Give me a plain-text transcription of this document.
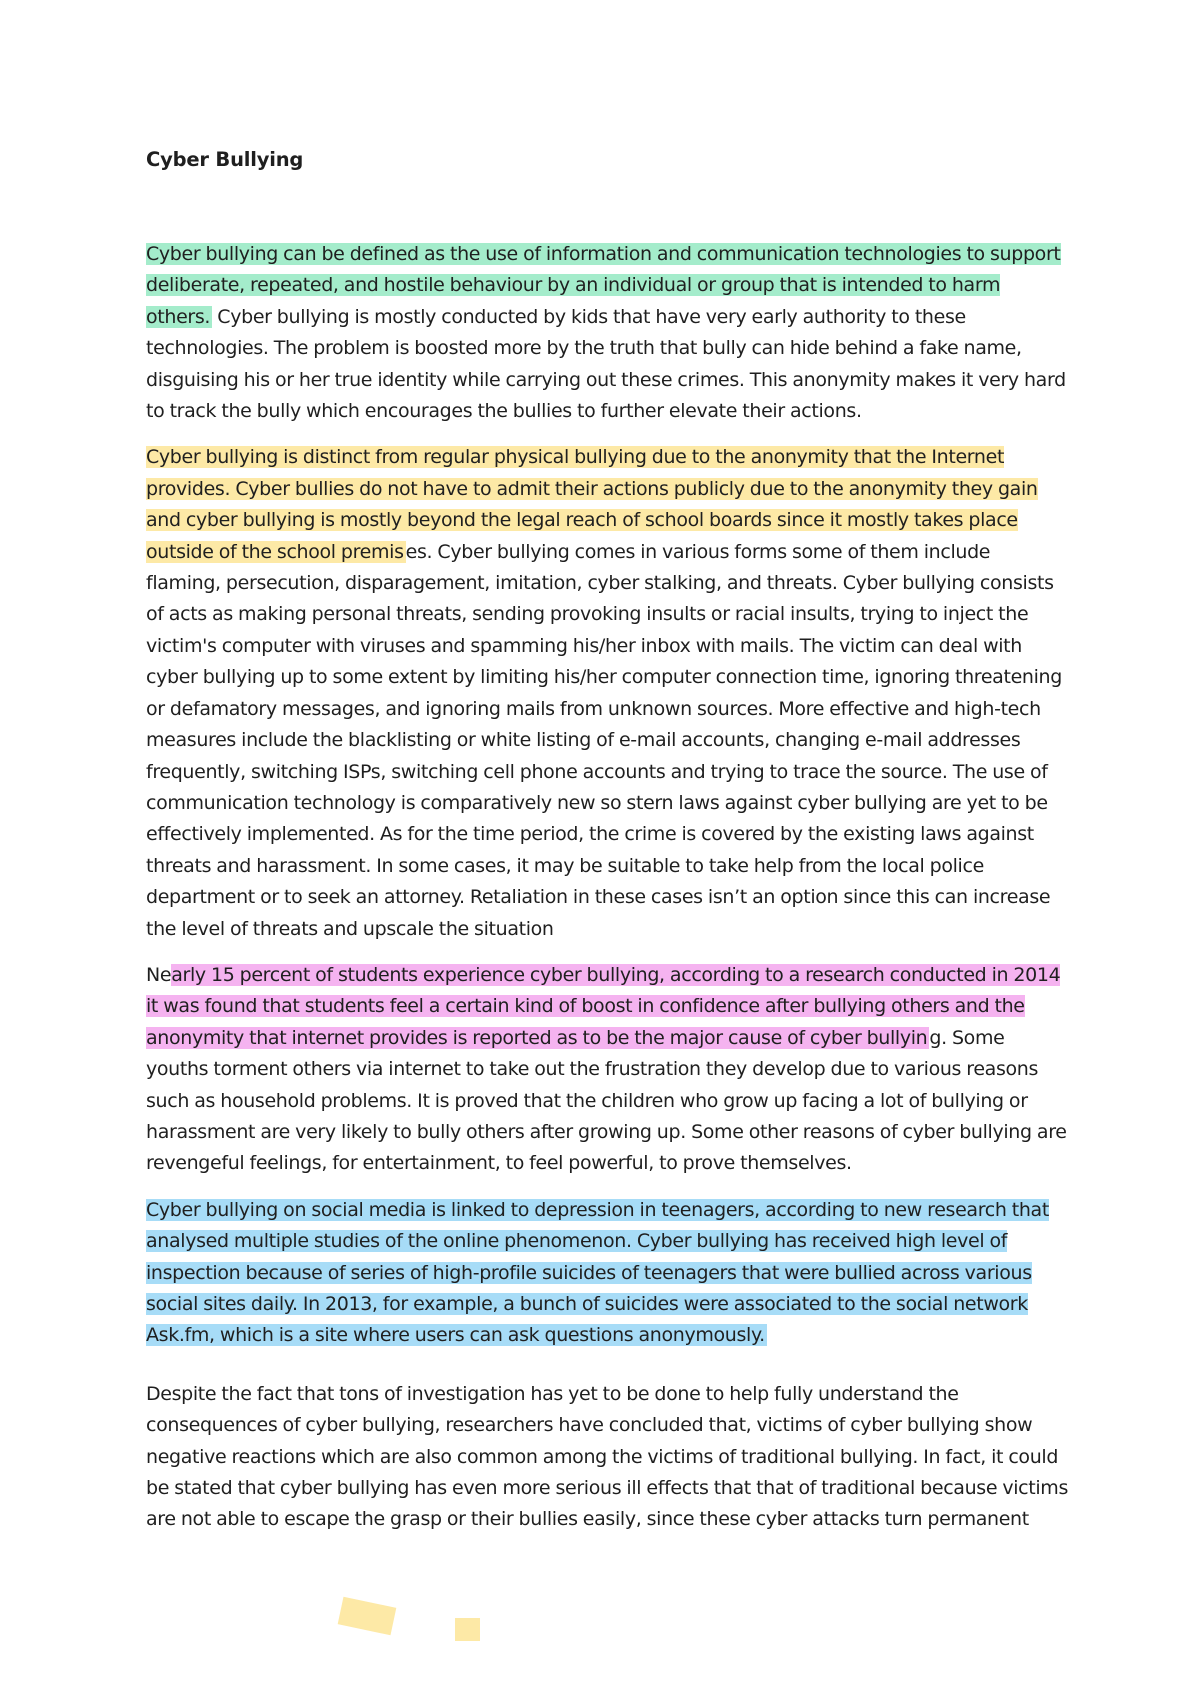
Cyber Bullying

Cyber bullying can be defined as the use of information and communication technologies to support deliberate, repeated, and hostile behaviour by an individual or group that is intended to harm others. Cyber bullying is mostly conducted by kids that have very early authority to these technologies. The problem is boosted more by the truth that bully can hide behind a fake name, disguising his or her true identity while carrying out these crimes. This anonymity makes it very hard to track the bully which encourages the bullies to further elevate their actions.

Cyber bullying is distinct from regular physical bullying due to the anonymity that the Internet provides. Cyber bullies do not have to admit their actions publicly due to the anonymity they gain and cyber bullying is mostly beyond the legal reach of school boards since it mostly takes place outside of the school premis es. Cyber bullying comes in various forms some of them include flaming, persecution, disparagement, imitation, cyber stalking, and threats. Cyber bullying consists of acts as making personal threats, sending provoking insults or racial insults, trying to inject the victim's computer with viruses and spamming his/her inbox with mails. The victim can deal with cyber bullying up to some extent by limiting his/her computer connection time, ignoring threatening or defamatory messages, and ignoring mails from unknown sources. More effective and high-tech measures include the blacklisting or white listing of e-mail accounts, changing e-mail addresses frequently, switching ISPs, switching cell phone accounts and trying to trace the source. The use of communication technology is comparatively new so stern laws against cyber bullying are yet to be effectively implemented. As for the time period, the crime is covered by the existing laws against threats and harassment. In some cases, it may be suitable to take help from the local police department or to seek an attorney. Retaliation in these cases isn’t an option since this can increase the level of threats and upscale the situation

Nearly 15 percent of students experience cyber bullying, according to a research conducted in 2014 it was found that students feel a certain kind of boost in confidence after bullying others and the anonymity that internet provides is reported as to be the major cause of cyber bullyin g. Some youths torment others via internet to take out the frustration they develop due to various reasons such as household problems. It is proved that the children who grow up facing a lot of bullying or harassment are very likely to bully others after growing up. Some other reasons of cyber bullying are revengeful feelings, for entertainment, to feel powerful, to prove themselves.

Cyber bullying on social media is linked to depression in teenagers, according to new research that analysed multiple studies of the online phenomenon. Cyber bullying has received high level of inspection because of series of high-profile suicides of teenagers that were bullied across various social sites daily. In 2013, for example, a bunch of suicides were associated to the social network Ask.fm, which is a site where users can ask questions anonymously.

Despite the fact that tons of investigation has yet to be done to help fully understand the consequences of cyber bullying, researchers have concluded that, victims of cyber bullying show negative reactions which are also common among the victims of traditional bullying. In fact, it could be stated that cyber bullying has even more serious ill effects that that of traditional because victims are not able to escape the grasp or their bullies easily, since these cyber attacks turn permanent
